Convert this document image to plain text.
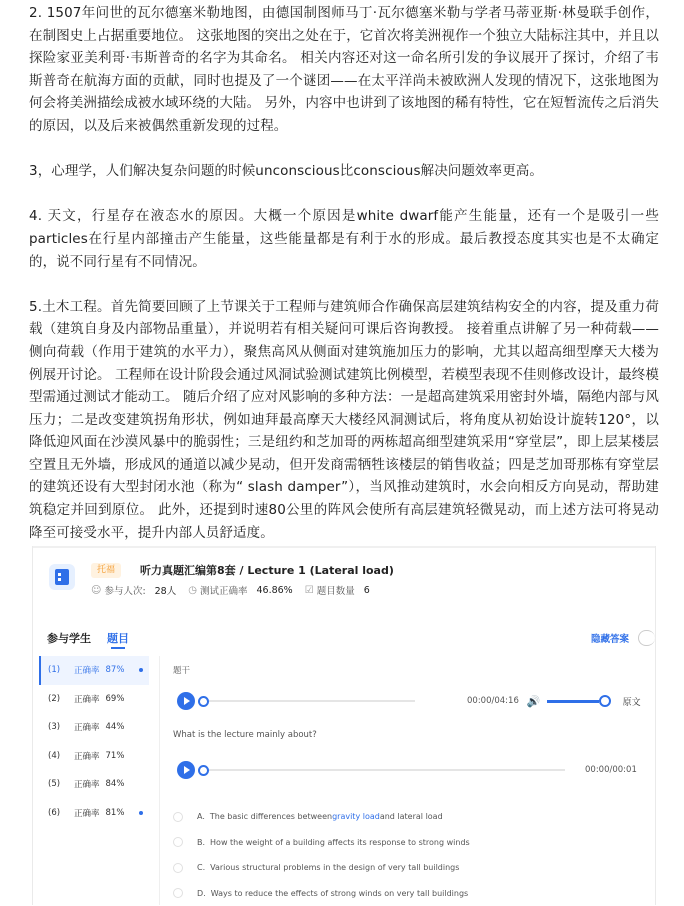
2. 1507年问世的瓦尔德塞米勒地图，由德国制图师马丁·瓦尔德塞米勒与学者马蒂亚斯·林曼联手创作，在制图史上占据重要地位。 这张地图的突出之处在于，它首次将美洲视作一个独立大陆标注其中，并且以探险家亚美利哥·韦斯普奇的名字为其命名。 相关内容还对这一命名所引发的争议展开了探讨，介绍了韦斯普奇在航海方面的贡献，同时也提及了一个谜团——在太平洋尚未被欧洲人发现的情况下，这张地图为何会将美洲描绘成被水域环绕的大陆。 另外，内容中也讲到了该地图的稀有特性，它在短暂流传之后消失的原因，以及后来被偶然重新发现的过程。

3，心理学，人们解决复杂问题的时候unconscious比conscious解决问题效率更高。

4. 天文，行星存在液态水的原因。大概一个原因是white dwarf能产生能量，还有一个是吸引一些particles在行星内部撞击产生能量，这些能量都是有利于水的形成。最后教授态度其实也是不太确定的，说不同行星有不同情况。

5.土木工程。首先简要回顾了上节课关于工程师与建筑师合作确保高层建筑结构安全的内容，提及重力荷载（建筑自身及内部物品重量），并说明若有相关疑问可课后咨询教授。 接着重点讲解了另一种荷载——侧向荷载（作用于建筑的水平力），聚焦高风从侧面对建筑施加压力的影响，尤其以超高细型摩天大楼为例展开讨论。 工程师在设计阶段会通过风洞试验测试建筑比例模型，若模型表现不佳则修改设计，最终模型需通过测试才能动工。 随后介绍了应对风影响的多种方法：一是超高建筑采用密封外墙，隔绝内部与风压力；二是改变建筑拐角形状，例如迪拜最高摩天大楼经风洞测试后，将角度从初始设计旋转120°，以降低迎风面在沙漠风暴中的脆弱性；三是纽约和芝加哥的两栋超高细型建筑采用“穿堂层”，即上层某楼层空置且无外墙，形成风的通道以减少晃动，但开发商需牺牲该楼层的销售收益；四是芝加哥那栋有穿堂层的建筑还设有大型封闭水池（称为“ slash damper”），当风推动建筑时，水会向相反方向晃动，帮助建筑稳定并回到原位。 此外，还提到时速80公里的阵风会使所有高层建筑轻微晃动，而上述方法可将晃动降至可接受水平，提升内部人员舒适度。

托福	听力真题汇编第8套 / Lecture 1 (Lateral load)
☺ 参与人次: 28人 ◷ 测试正确率 46.86% ☑ 题目数量 6
参与学生 题目	隐藏答案
(1)	正确率 87%
(2)	正确率 69%
(3)	正确率 44%
(4)	正确率 71%
(5)	正确率 84%
(6)	正确率 81%
题干
00:00/04:16 🔊	原文
What is the lecture mainly about?
00:00/00:01
A. The basic differences between gravity load and lateral load
B. How the weight of a building affects its response to strong winds
C. Various structural problems in the design of very tall buildings
D. Ways to reduce the effects of strong winds on very tall buildings
